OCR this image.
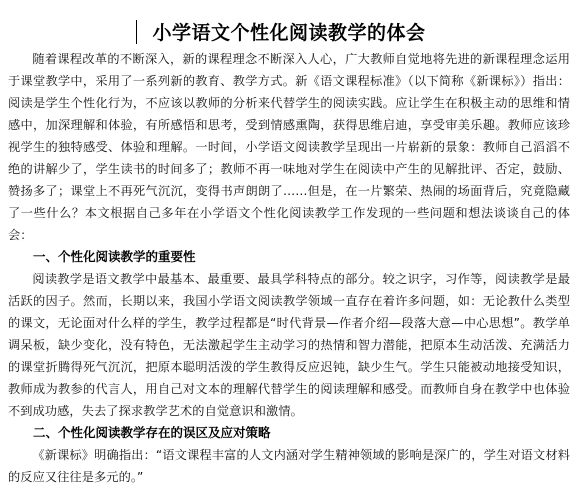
小学语文个性化阅读教学的体会

随着课程改革的不断深入，新的课程理念不断深入人心，广大教师自觉地将先进的新课程理念运用于课堂教学中，采用了一系列新的教育、教学方式。新《语文课程标准》（以下简称《新课标》）指出：阅读是学生个性化行为，不应该以教师的分析来代替学生的阅读实践。应让学生在积极主动的思维和情感中，加深理解和体验，有所感悟和思考，受到情感熏陶，获得思维启迪，享受审美乐趣。教师应该珍视学生的独特感受、体验和理解。一时间，小学语文阅读教学呈现出一片崭新的景象：教师自己滔滔不绝的讲解少了，学生读书的时间多了；教师不再一味地对学生在阅读中产生的见解批评、否定，鼓励、赞扬多了；课堂上不再死气沉沉，变得书声朗朗了……但是，在一片繁荣、热闹的场面背后，究竟隐藏了一些什么？本文根据自己多年在小学语文个性化阅读教学工作发现的一些问题和想法谈谈自己的体会：

一、个性化阅读教学的重要性

阅读教学是语文教学中最基本、最重要、最具学科特点的部分。较之识字，习作等，阅读教学是最活跃的因子。然而，长期以来，我国小学语文阅读教学领域一直存在着许多问题，如：无论教什么类型的课文，无论面对什么样的学生，教学过程都是“时代背景—作者介绍—段落大意—中心思想”。教学单调呆板，缺少变化，没有特色，无法激起学生主动学习的热情和智力潜能，把原本生动活泼、充满活力的课堂折腾得死气沉沉，把原本聪明活泼的学生教得反应迟钝，缺少生气。学生只能被动地接受知识，教师成为教参的代言人，用自己对文本的理解代替学生的阅读理解和感受。而教师自身在教学中也体验不到成功感，失去了探求教学艺术的自觉意识和激情。

二、个性化阅读教学存在的误区及应对策略

《新课标》明确指出：“语文课程丰富的人文内涵对学生精神领域的影响是深广的，学生对语文材料的反应又往往是多元的。”
